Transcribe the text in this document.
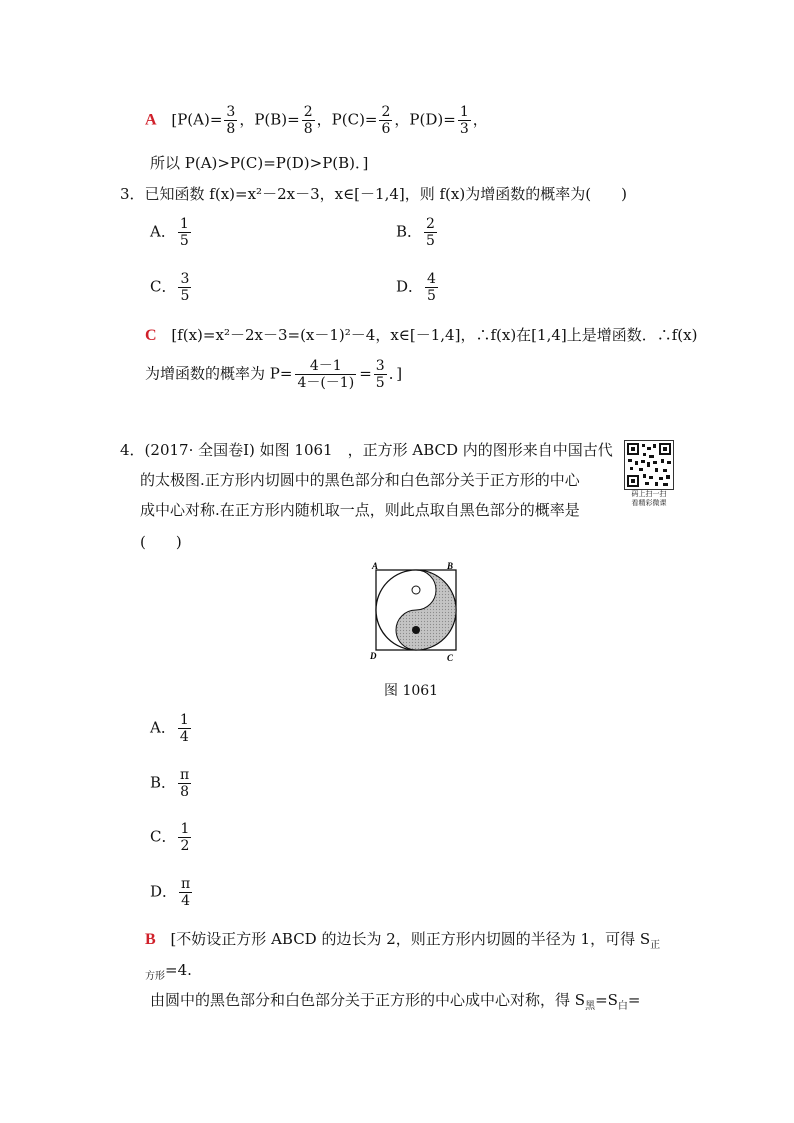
A [$P(A)= \frac{3}{8}$ ，$P(B)= \frac{2}{8}$ ，$P(C)= \frac{2}{6}$ ，$P(D)= \frac{1}{3}$ ，
所以 P(A)>P(C)=P(D)>P(B)．]
3．已知函数 f(x)=x²－2x－3，x∈[－1,4]，则 f(x)为增函数的概率为(　　)
A． $\frac{1}{5}$	B． $\frac{2}{5}$
C． $\frac{3}{5}$	D． $\frac{4}{5}$
C [f(x)=x²－2x－3=(x－1)²－4，x∈[－1,4]，∴f(x)在[1,4]上是增函数．∴f(x)
为增函数的概率为 $P= \frac{4-1}{4-(-1)} = \frac{3}{5}$ ．]
4．(2017· 全国卷Ⅰ) 如图 1061　，正方形 ABCD 内的图形来自中国古代
的太极图.正方形内切圆中的黑色部分和白色部分关于正方形的中心
成中心对称.在正方形内随机取一点，则此点取自黑色部分的概率是
(　　)
码上扫一扫
看精彩微课
A	B
C
D
图 1061
A． $\frac{1}{4}$
B． $\frac{\pi}{8}$
C． $\frac{1}{2}$
D． $\frac{\pi}{4}$
B [不妨设正方形 ABCD 的边长为 2，则正方形内切圆的半径为 1，可得 $S_正$
$_{方形}$=4.
由圆中的黑色部分和白色部分关于正方形的中心成中心对称，得 $S_黑=S_白=$
